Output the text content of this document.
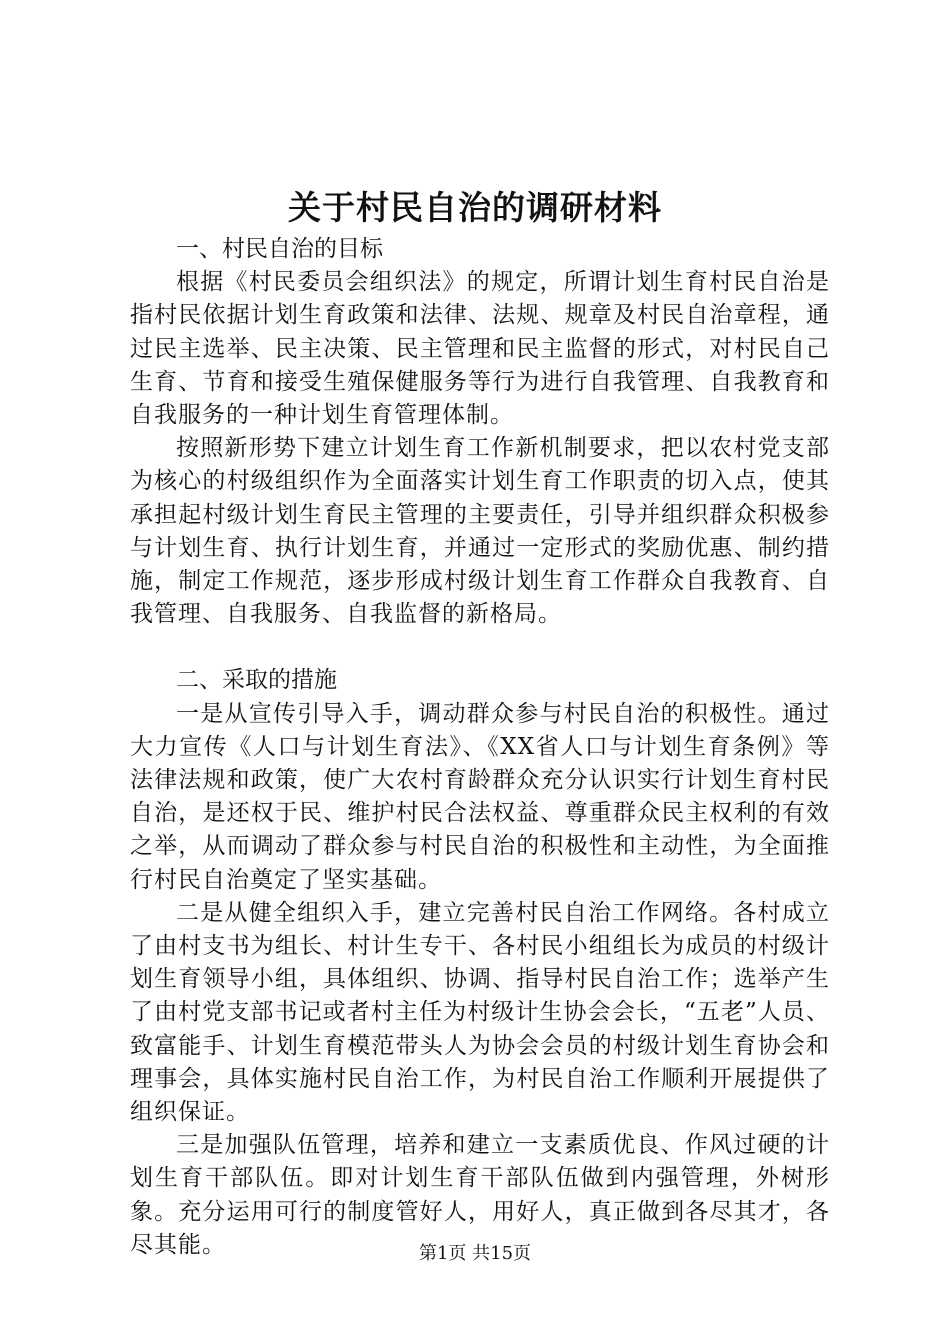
关于村民自治的调研材料
一、村民自治的目标

根据《村民委员会组织法》的规定，所谓计划生育村民自治是指村民依据计划生育政策和法律、法规、规章及村民自治章程，通过民主选举、民主决策、民主管理和民主监督的形式，对村民自己生育、节育和接受生殖保健服务等行为进行自我管理、自我教育和自我服务的一种计划生育管理体制。

按照新形势下建立计划生育工作新机制要求，把以农村党支部为核心的村级组织作为全面落实计划生育工作职责的切入点，使其承担起村级计划生育民主管理的主要责任，引导并组织群众积极参与计划生育、执行计划生育，并通过一定形式的奖励优惠、制约措施，制定工作规范，逐步形成村级计划生育工作群众自我教育、自我管理、自我服务、自我监督的新格局。

二、采取的措施

一是从宣传引导入手，调动群众参与村民自治的积极性。通过大力宣传《人口与计划生育法》、《XX省人口与计划生育条例》等法律法规和政策，使广大农村育龄群众充分认识实行计划生育村民自治，是还权于民、维护村民合法权益、尊重群众民主权利的有效之举，从而调动了群众参与村民自治的积极性和主动性，为全面推行村民自治奠定了坚实基础。

二是从健全组织入手，建立完善村民自治工作网络。各村成立了由村支书为组长、村计生专干、各村民小组组长为成员的村级计划生育领导小组，具体组织、协调、指导村民自治工作；选举产生了由村党支部书记或者村主任为村级计生协会会长，“五老”人员、致富能手、计划生育模范带头人为协会会员的村级计划生育协会和理事会，具体实施村民自治工作，为村民自治工作顺利开展提供了组织保证。

三是加强队伍管理，培养和建立一支素质优良、作风过硬的计划生育干部队伍。即对计划生育干部队伍做到内强管理，外树形象。充分运用可行的制度管好人，用好人，真正做到各尽其才，各尽其能。	第1页 共15页
